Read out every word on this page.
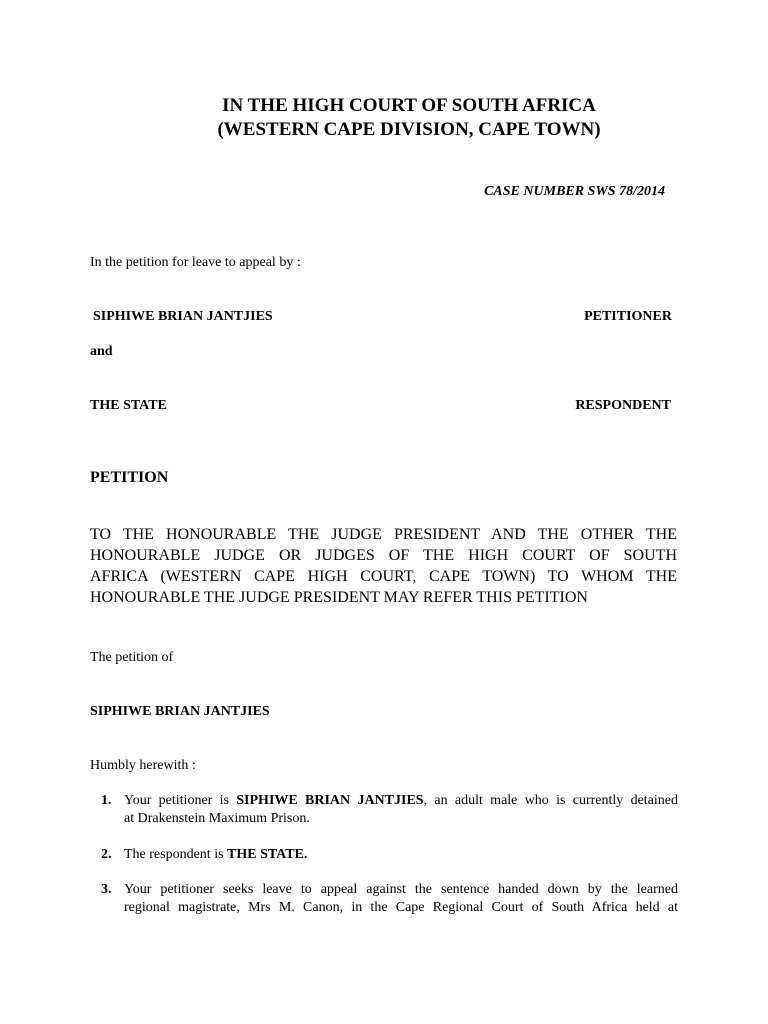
IN THE HIGH COURT OF SOUTH AFRICA
(WESTERN CAPE DIVISION, CAPE TOWN)
CASE NUMBER SWS 78/2014
In the petition for leave to appeal by :
SIPHIWE BRIAN JANTJIES	PETITIONER
and
THE STATE	RESPONDENT
PETITION
TO THE HONOURABLE THE JUDGE PRESIDENT AND THE OTHER THE
HONOURABLE JUDGE OR JUDGES OF THE HIGH COURT OF SOUTH
AFRICA (WESTERN CAPE HIGH COURT, CAPE TOWN) TO WHOM THE
HONOURABLE THE JUDGE PRESIDENT MAY REFER THIS PETITION
The petition of
SIPHIWE BRIAN JANTJIES
Humbly herewith :
1. Your petitioner is SIPHIWE BRIAN JANTJIES, an adult male who is currently detained
at Drakenstein Maximum Prison.
2. The respondent is THE STATE.
3. Your petitioner seeks leave to appeal against the sentence handed down by the learned
regional magistrate, Mrs M. Canon, in the Cape Regional Court of South Africa held at
